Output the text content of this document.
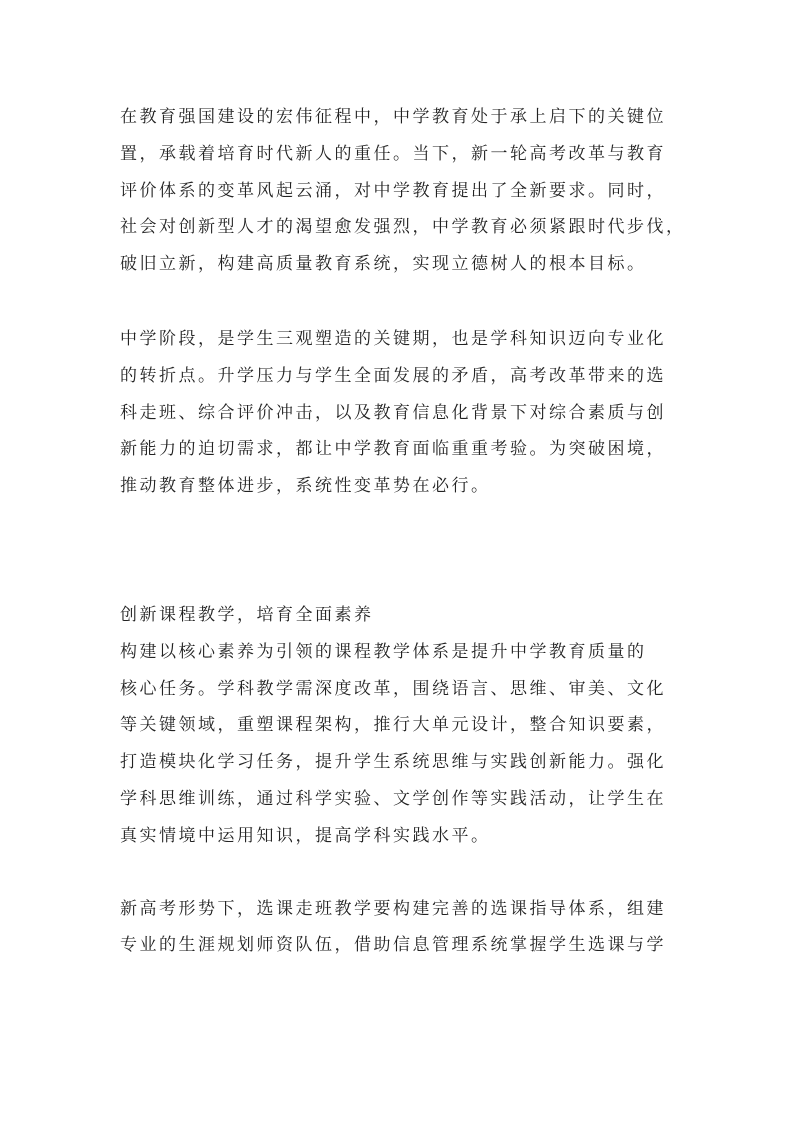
在教育强国建设的宏伟征程中，中学教育处于承上启下的关键位
置，承载着培育时代新人的重任。当下，新一轮高考改革与教育
评价体系的变革风起云涌，对中学教育提出了全新要求。同时，
社会对创新型人才的渴望愈发强烈，中学教育必须紧跟时代步伐，
破旧立新，构建高质量教育系统，实现立德树人的根本目标。
中学阶段，是学生三观塑造的关键期，也是学科知识迈向专业化
的转折点。升学压力与学生全面发展的矛盾，高考改革带来的选
科走班、综合评价冲击，以及教育信息化背景下对综合素质与创
新能力的迫切需求，都让中学教育面临重重考验。为突破困境，
推动教育整体进步，系统性变革势在必行。
创新课程教学，培育全面素养
构建以核心素养为引领的课程教学体系是提升中学教育质量的
核心任务。学科教学需深度改革，围绕语言、思维、审美、文化
等关键领域，重塑课程架构，推行大单元设计，整合知识要素，
打造模块化学习任务，提升学生系统思维与实践创新能力。强化
学科思维训练，通过科学实验、文学创作等实践活动，让学生在
真实情境中运用知识，提高学科实践水平。
新高考形势下，选课走班教学要构建完善的选课指导体系，组建
专业的生涯规划师资队伍，借助信息管理系统掌握学生选课与学
